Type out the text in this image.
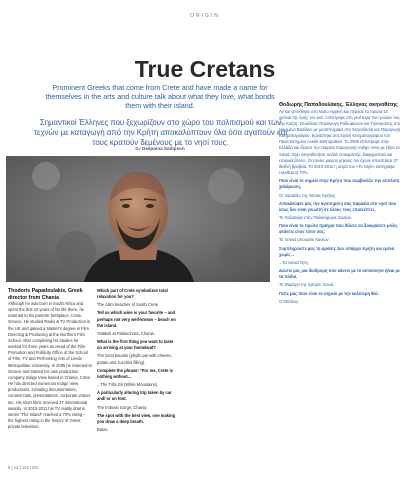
ORIGIN
True Cretans
Prominent Greeks that come from Crete and have made a name for themselves in the arts and culture talk about what they love, what bonds them with their island.
Σημαντικοί Έλληνες που ξεχωρίζουν στο χώρο του πολιτισμού και των τεχνών με καταγωγή από την Κρήτη αποκαλύπτουν όλα όσα αγαπούν και τους κρατούν δεμένους με το νησί τους.
By Despoina Sampson

Thodoris Papadoulakis, Greek director from Chania

Although he was born in South Africa and spent the first 10 years of his life there, he returned to his parents' birthplace, Crete, Greece. He studied Radio & TV Production in the UK and gained a Master's degree in Film Directing & Producing at the Northern Film School. After completing his studies he worked for three years as Head of the Film Promotion and Publicity Office of the School of Film, TV and Performing Arts of Leeds Metropolitan University. In 2005 he returned to Greece and started his own production company Indigo View based in Chania, Crete. He has directed numerous Indigo View productions, including documentaries, commercials, presentations, corporate videos etc. His short films received 27 international awards. In 2010-2011 his TV reality drama series "The Island" reached a 70% rating – the highest rating in the history of Greek private television.

Which part of Crete symbolizes total relaxation for you?

The calm beaches of South Crete.

Tell us which wine is your favorite – and perhaps not very well-known – beach on the island.

Yalakoti at Palaiochora, Chania.

What is the first thing you want to taste on arriving at your homeland?

The local boureki (phyllo pie with cheese, potato and zucchini filling).

Complete the phrase: "For me, Crete is nothing without...

...The Tirfa Gil (White Mountains).

A particularly alluring trip taken by car and/ or on foot.

The Imbrasi Gorge, Chania.

The spot with the best view, one making you draw a deep breath.

Balos.

Θοδωρής Παπαδουλάκης, Έλληνας σκηνοθέτης

Αν και γεννήθηκε στη Νότια Αφρική και πέρασε τα πρώτα 10 χρόνια της ζωής του εκεί, επέστρεψε στη γενέτειρα των γονιών του, την Κρήτη. Σπούδασε Παραγωγή Ραδιοφώνου και Τηλεόρασης στο Ηνωμένο Βασίλειο με μεταπτυχιακό στη Σκηνοθεσία και Παραγωγή Κινηματογράφου. Εργάστηκε στη Σχολή Κινηματογράφου του Πανεπιστημίου Leeds Metropolitan. Το 2005 επέστρεψε στην Ελλάδα και ίδρυσε την εταιρεία παραγωγής Indigo View με έδρα τα Χανιά. Έχει σκηνοθετήσει πολλά ντοκιμαντέρ, διαφημιστικά και εταιρικά βίντεο. Οι ταινίες μικρού μήκους του έχουν αποσπάσει 27 διεθνή βραβεία. Το 2010-2011 η σειρά του «Το Νησί» κατέγραψε τηλεθέαση 70%.

Ποιο είναι το σημείο στην Κρήτη που συμβολίζει την απόλυτη χαλάρωση;

Οι παραλίες της Νότιας Κρήτης.

Αποκαλύψτε μας την αγαπημένη σας παραλία στο νησί που ίσως δεν είναι γνωστή σε όλους τους επισκέπτες.

Το Γιαλισκάρι στην Παλαιόχωρα Χανίων.

Ποιο είναι το πρώτο πράγμα που θέλετε να δοκιμάσετε μόλις φτάνετε στον τόπο σας;

Το τοπικό μπουρέκι Χανίων.

Συμπληρώστε μας τη φράση: Δεν υπάρχει Κρήτη για εμένα χωρίς...

...Τα Λευκά Όρη.

Δώστε μας μια διαδρομή που κάνετε με το αυτοκίνητο ή/και με τα πόδια.

Το Φαράγγι της Ίμπρου Χανιά.

Πείτε μας ποιο είναι το σημείο με την καλύτερη θέα.

Ο Μπάλος.

8 | 12 | 122 | EN
